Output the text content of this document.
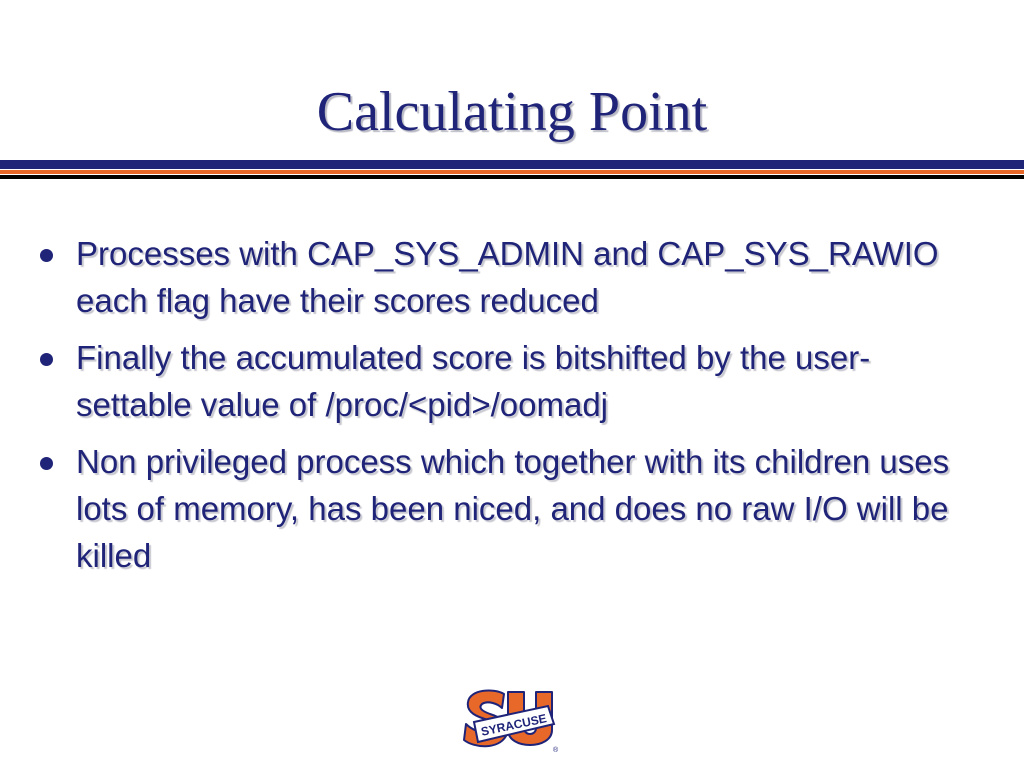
Calculating Point
Processes with CAP_SYS_ADMIN and CAP_SYS_RAWIO each flag have their scores reduced
Finally the accumulated score is bitshifted by the user-settable value of /proc/<pid>/oomadj
Non privileged process which together with its children uses lots of memory, has been niced, and does no raw I/O will be killed
SYRACUSE
®
